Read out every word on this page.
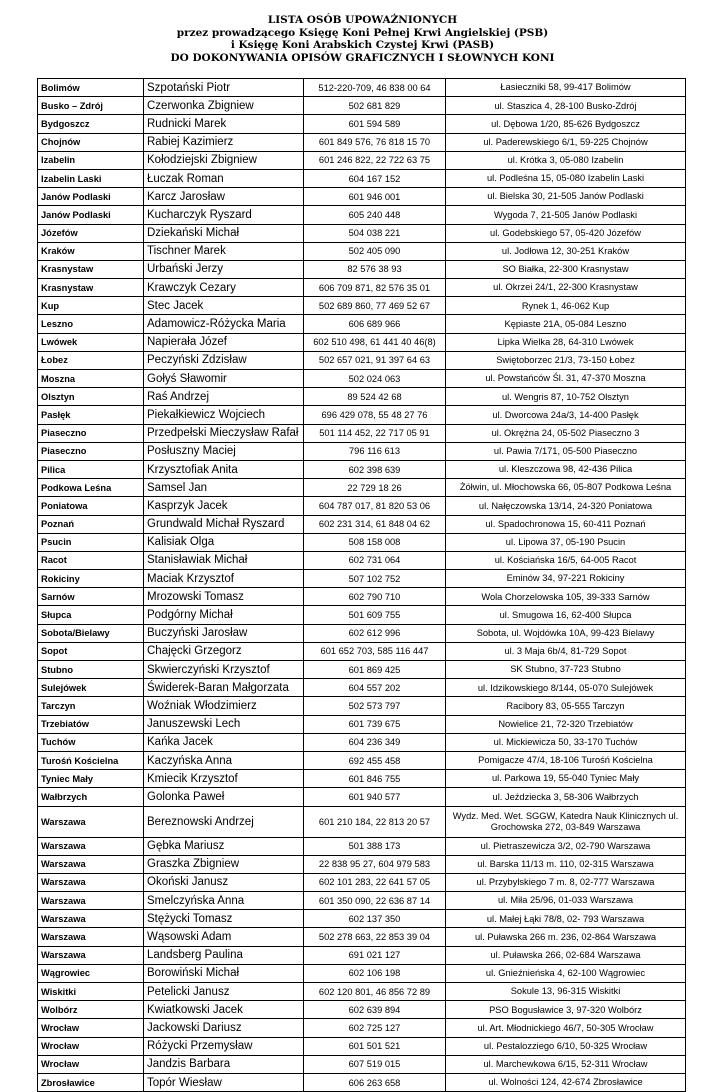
LISTA OSÓB UPOWAŻNIONYCH
przez prowadzącego Księgę Koni Pełnej Krwi Angielskiej (PSB)
i Księgę Koni Arabskich Czystej Krwi (PASB)
DO DOKONYWANIA OPISÓW GRAFICZNYCH I SŁOWNYCH KONI
Bolimów	Szpotański Piotr	512-220-709, 46 838 00 64	Łasieczniki 58, 99-417 Bolimów
Busko – Zdrój	Czerwonka Zbigniew	502 681 829	ul. Staszica 4, 28-100 Busko-Zdrój
Bydgoszcz	Rudnicki Marek	601 594 589	ul. Dębowa 1/20, 85-626 Bydgoszcz
Chojnów	Rabiej Kazimierz	601 849 576, 76 818 15 70	ul. Paderewskiego 6/1, 59-225 Chojnów
Izabelin	Kołodziejski Zbigniew	601 246 822, 22 722 63 75	ul. Krótka 3, 05-080 Izabelin
Izabelin Laski	Łuczak Roman	604 167 152	ul. Podleśna 15, 05-080 Izabelin Laski
Janów Podlaski	Karcz Jarosław	601 946 001	ul. Bielska 30, 21-505 Janów Podlaski
Janów Podlaski	Kucharczyk Ryszard	605 240 448	Wygoda 7, 21-505 Janów Podlaski
Józefów	Dziekański Michał	504 038 221	ul. Godebskiego 57, 05-420 Józefów
Kraków	Tischner Marek	502 405 090	ul. Jodłowa 12, 30-251 Kraków
Krasnystaw	Urbański Jerzy	82 576 38 93	SO Białka, 22-300 Krasnystaw
Krasnystaw	Krawczyk Cezary	606 709 871, 82 576 35 01	ul. Okrzei 24/1, 22-300 Krasnystaw
Kup	Stec Jacek	502 689 860, 77 469 52 67	Rynek 1, 46-062 Kup
Leszno	Adamowicz-Różycka Maria	606 689 966	Kępiaste 21A, 05-084 Leszno
Lwówek	Napierała Józef	602 510 498, 61 441 40 46(8)	Lipka Wielka 28, 64-310 Lwówek
Łobez	Peczyński Zdzisław	502 657 021, 91 397 64 63	Swiętoborzec 21/3, 73-150 Łobez
Moszna	Gołyś Sławomir	502 024 063	ul. Powstańców Śl. 31, 47-370 Moszna
Olsztyn	Raś Andrzej	89 524 42 68	ul. Wengris 87, 10-752 Olsztyn
Pasłęk	Piekałkiewicz Wojciech	696 429 078, 55 48 27 76	ul. Dworcowa 24a/3, 14-400 Pasłęk
Piaseczno	Przedpełski Mieczysław Rafał	501 114 452, 22 717 05 91	ul. Okrężna 24, 05-502 Piaseczno 3
Piaseczno	Posłuszny Maciej	796 116 613	ul. Pawia 7/171, 05-500 Piaseczno
Pilica	Krzysztofiak Anita	602 398 639	ul. Kleszczowa 98, 42-436 Pilica
Podkowa Leśna	Samsel Jan	22 729 18 26	Żółwin, ul. Młochowska 66, 05-807 Podkowa Leśna
Poniatowa	Kasprzyk Jacek	604 787 017, 81 820 53 06	ul. Nałęczowska 13/14, 24-320 Poniatowa
Poznań	Grundwald Michał Ryszard	602 231 314, 61 848 04 62	ul. Spadochronowa 15, 60-411 Poznań
Psucin	Kalisiak Olga	508 158 008	ul. Lipowa 37, 05-190 Psucin
Racot	Stanisławiak Michał	602 731 064	ul. Kościańska 16/5, 64-005 Racot
Rokiciny	Maciak Krzysztof	507 102 752	Eminów 34, 97-221 Rokiciny
Sarnów	Mrozowski Tomasz	602 790 710	Wola Chorzelowska 105, 39-333 Sarnów
Słupca	Podgórny Michał	501 609 755	ul. Smugowa 16, 62-400 Słupca
Sobota/Bielawy	Buczyński Jarosław	602 612 996	Sobota, ul. Wojdówka 10A, 99-423 Bielawy
Sopot	Chajęcki Grzegorz	601 652 703, 585 116 447	ul. 3 Maja 6b/4, 81-729 Sopot
Stubno	Skwierczyński Krzysztof	601 869 425	SK Stubno, 37-723 Stubno
Sulejówek	Świderek-Baran Małgorzata	604 557 202	ul. Idzikowskiego 8/144, 05-070 Sulejówek
Tarczyn	Woźniak Włodzimierz	502 573 797	Racibory 83, 05-555 Tarczyn
Trzebiatów	Januszewski Lech	601 739 675	Nowielice 21, 72-320 Trzebiatów
Tuchów	Kańka Jacek	604 236 349	ul. Mickiewicza 50, 33-170 Tuchów
Turośń Kościelna	Kaczyńska Anna	692 455 458	Pomigacze 47/4, 18-106 Turośń Kościelna
Tyniec Mały	Kmiecik Krzysztof	601 846 755	ul. Parkowa 19, 55-040 Tyniec Mały
Wałbrzych	Golonka Paweł	601 940 577	ul. Jeździecka 3, 58-306 Wałbrzych
Warszawa	Bereznowski Andrzej	601 210 184, 22 813 20 57	Wydz. Med. Wet. SGGW, Katedra Nauk Klinicznych ul. Grochowska 272, 03-849 Warszawa
Warszawa	Gębka Mariusz	501 388 173	ul. Pietraszewicza 3/2, 02-790 Warszawa
Warszawa	Graszka Zbigniew	22 838 95 27, 604 979 583	ul. Barska 11/13 m. 110, 02-315 Warszawa
Warszawa	Okoński Janusz	602 101 283, 22 641 57 05	ul. Przybylskiego 7 m. 8, 02-777 Warszawa
Warszawa	Smelczyńska Anna	601 350 090, 22 636 87 14	ul. Miła 25/96, 01-033 Warszawa
Warszawa	Stężycki Tomasz	602 137 350	ul. Małej Łąki 78/8, 02- 793 Warszawa
Warszawa	Wąsowski Adam	502 278 663, 22 853 39 04	ul. Puławska 266 m. 236, 02-864 Warszawa
Warszawa	Landsberg Paulina	691 021 127	ul. Puławska 266, 02-684 Warszawa
Wągrowiec	Borowiński Michał	602 106 198	ul. Gnieźnieńska 4, 62-100 Wągrowiec
Wiskitki	Petelicki Janusz	602 120 801, 46 856 72 89	Sokule 13, 96-315 Wiskitki
Wolbórz	Kwiatkowski Jacek	602 639 894	PSO Bogusławice 3, 97-320 Wolbórz
Wrocław	Jackowski Dariusz	602 725 127	ul. Art. Młodnickiego 46/7, 50-305 Wrocław
Wrocław	Różycki Przemysław	601 501 521	ul. Pestalozziego 6/10, 50-325 Wrocław
Wrocław	Jandzis Barbara	607 519 015	ul. Marchewkowa 6/15, 52-311 Wrocław
Zbrosławice	Topór Wiesław	606 263 658	ul. Wolności 124, 42-674 Zbrosławice
